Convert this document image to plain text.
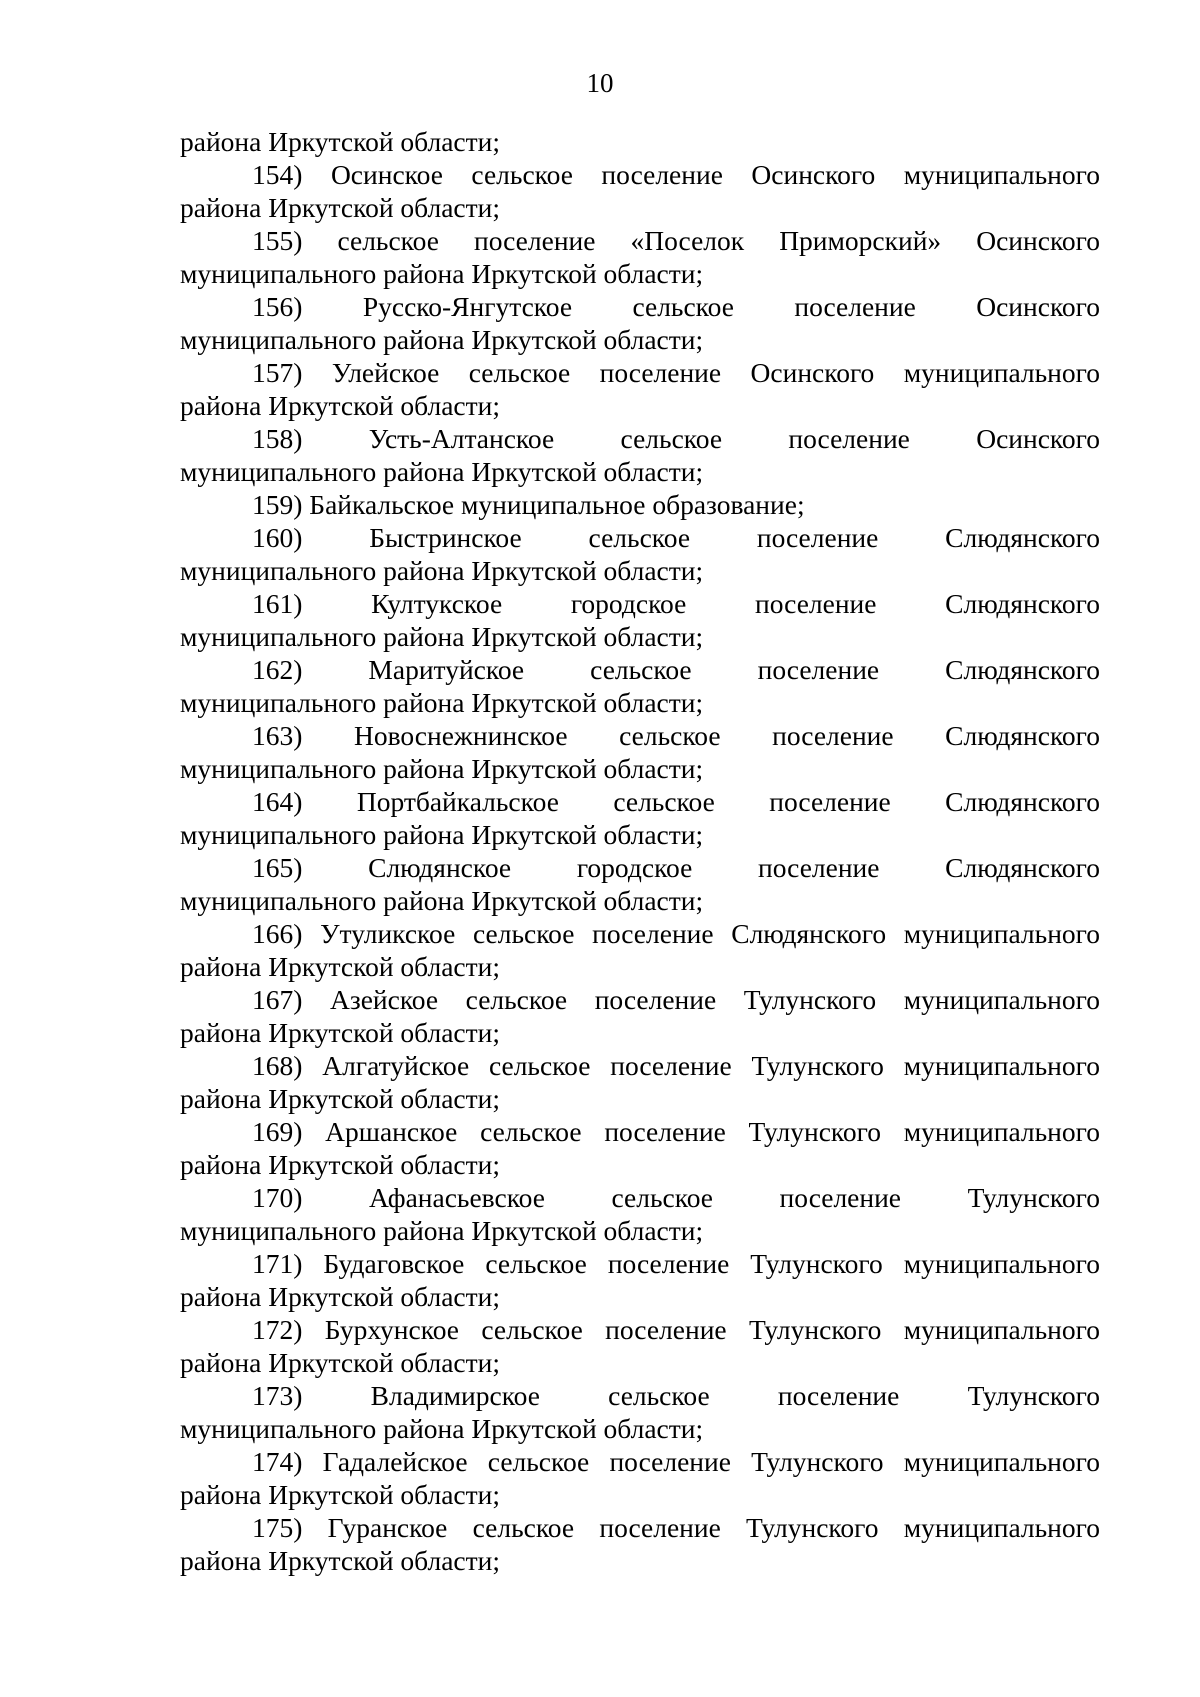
10
района Иркутской области;
154) Осинское сельское поселение Осинского муниципального
района Иркутской области;
155) сельское поселение «Поселок Приморский» Осинского
муниципального района Иркутской области;
156) Русско-Янгутское сельское поселение Осинского
муниципального района Иркутской области;
157) Улейское сельское поселение Осинского муниципального
района Иркутской области;
158) Усть-Алтанское сельское поселение Осинского
муниципального района Иркутской области;
159) Байкальское муниципальное образование;
160) Быстринское сельское поселение Слюдянского
муниципального района Иркутской области;
161) Култукское городское поселение Слюдянского
муниципального района Иркутской области;
162) Маритуйское сельское поселение Слюдянского
муниципального района Иркутской области;
163) Новоснежнинское сельское поселение Слюдянского
муниципального района Иркутской области;
164) Портбайкальское сельское поселение Слюдянского
муниципального района Иркутской области;
165) Слюдянское городское поселение Слюдянского
муниципального района Иркутской области;
166) Утуликское сельское поселение Слюдянского муниципального
района Иркутской области;
167) Азейское сельское поселение Тулунского муниципального
района Иркутской области;
168) Алгатуйское сельское поселение Тулунского муниципального
района Иркутской области;
169) Аршанское сельское поселение Тулунского муниципального
района Иркутской области;
170) Афанасьевское сельское поселение Тулунского
муниципального района Иркутской области;
171) Будаговское сельское поселение Тулунского муниципального
района Иркутской области;
172) Бурхунское сельское поселение Тулунского муниципального
района Иркутской области;
173) Владимирское сельское поселение Тулунского
муниципального района Иркутской области;
174) Гадалейское сельское поселение Тулунского муниципального
района Иркутской области;
175) Гуранское сельское поселение Тулунского муниципального
района Иркутской области;
